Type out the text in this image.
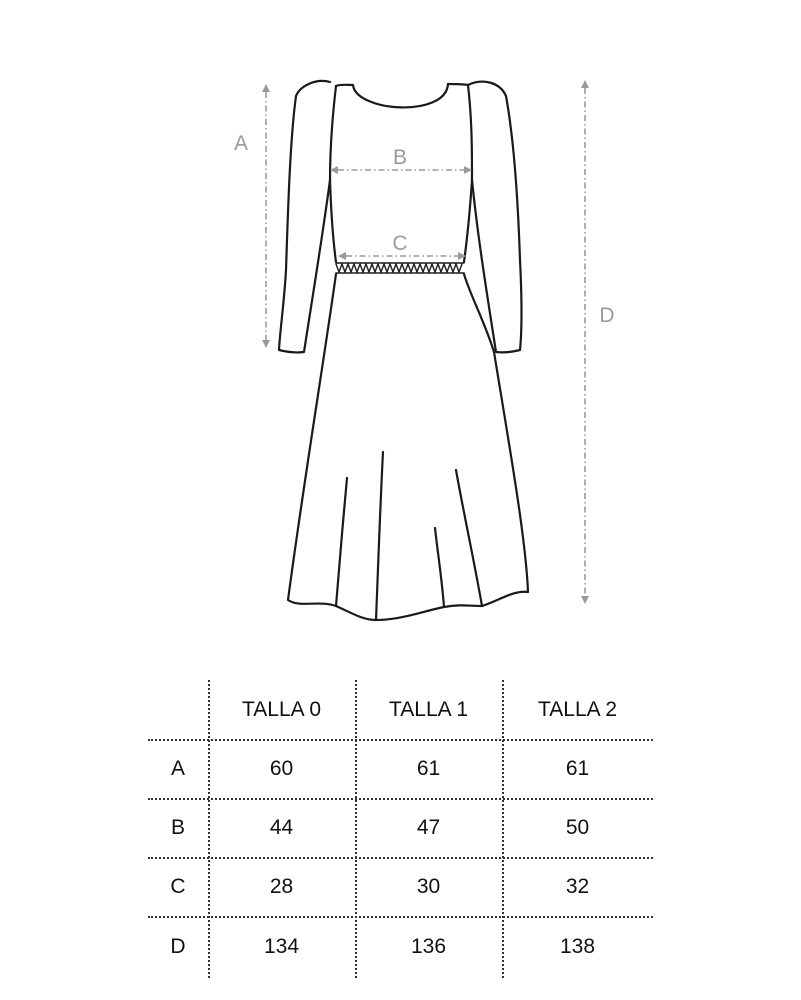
A
B
C
D
TALLA 0	TALLA 1	TALLA 2
A	60	61	61
B	44	47	50
C	28	30	32
D	134	136	138
